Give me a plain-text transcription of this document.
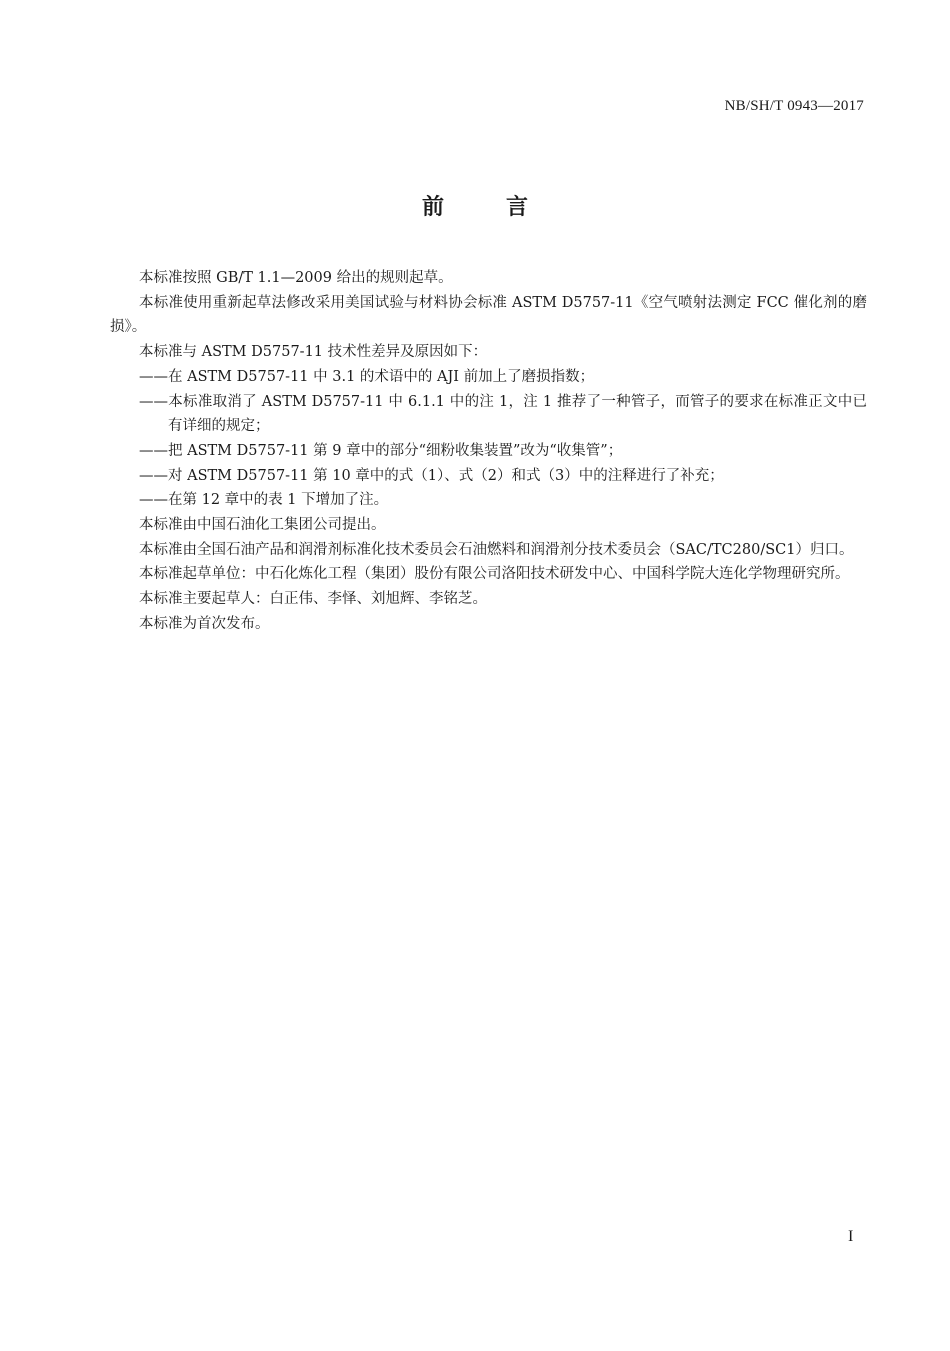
NB/SH/T 0943—2017
前言

本标准按照 GB/T 1.1—2009 给出的规则起草。

本标准使用重新起草法修改采用美国试验与材料协会标准 ASTM D5757-11《空气喷射法测定 FCC 催化剂的磨损》。

本标准与 ASTM D5757-11 技术性差异及原因如下：

——在 ASTM D5757-11 中 3.1 的术语中的 AJI 前加上了磨损指数；

——本标准取消了 ASTM D5757-11 中 6.1.1 中的注 1，注 1 推荐了一种管子，而管子的要求在标准正文中已有详细的规定；

——把 ASTM D5757-11 第 9 章中的部分“细粉收集装置”改为“收集管”；

——对 ASTM D5757-11 第 10 章中的式（1）、式（2）和式（3）中的注释进行了补充；

——在第 12 章中的表 1 下增加了注。

本标准由中国石油化工集团公司提出。

本标准由全国石油产品和润滑剂标准化技术委员会石油燃料和润滑剂分技术委员会（SAC/TC280/SC1）归口。

本标准起草单位：中石化炼化工程（集团）股份有限公司洛阳技术研发中心、中国科学院大连化学物理研究所。

本标准主要起草人：白正伟、李怿、刘旭辉、李铭芝。

本标准为首次发布。

I
